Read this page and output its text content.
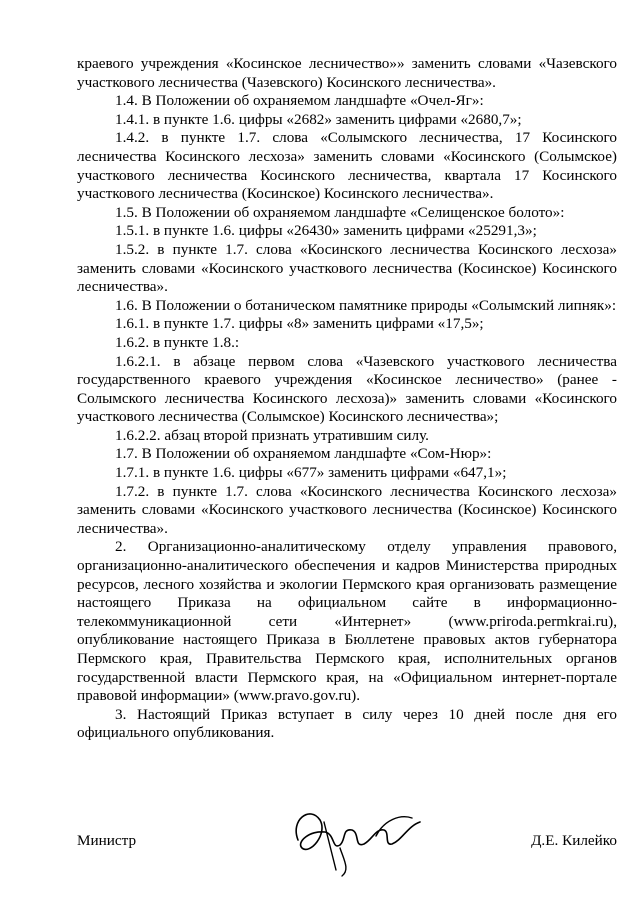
краевого учреждения «Косинское лесничество»» заменить словами «Чазевского участкового лесничества (Чазевского) Косинского лесничества».

1.4. В Положении об охраняемом ландшафте «Очел-Яг»:

1.4.1. в пункте 1.6. цифры «2682» заменить цифрами «2680,7»;

1.4.2. в пункте 1.7. слова «Солымского лесничества, 17 Косинского лесничества Косинского лесхоза» заменить словами «Косинского (Солымское) участкового лесничества Косинского лесничества, квартала 17 Косинского участкового лесничества (Косинское) Косинского лесничества».

1.5. В Положении об охраняемом ландшафте «Селищенское болото»:

1.5.1. в пункте 1.6. цифры «26430» заменить цифрами «25291,3»;

1.5.2. в пункте 1.7. слова «Косинского лесничества Косинского лесхоза» заменить словами «Косинского участкового лесничества (Косинское) Косинского лесничества».

1.6. В Положении о ботаническом памятнике природы «Солымский липняк»:

1.6.1. в пункте 1.7. цифры «8» заменить цифрами «17,5»;

1.6.2. в пункте 1.8.:

1.6.2.1. в абзаце первом слова «Чазевского участкового лесничества государственного краевого учреждения «Косинское лесничество» (ранее - Солымского лесничества Косинского лесхоза)» заменить словами «Косинского участкового лесничества (Солымское) Косинского лесничества»;

1.6.2.2. абзац второй признать утратившим силу.

1.7. В Положении об охраняемом ландшафте «Сом-Нюр»:

1.7.1. в пункте 1.6. цифры «677» заменить цифрами «647,1»;

1.7.2. в пункте 1.7. слова «Косинского лесничества Косинского лесхоза» заменить словами «Косинского участкового лесничества (Косинское) Косинского лесничества».

2. Организационно-аналитическому отделу управления правового, организационно-аналитического обеспечения и кадров Министерства природных ресурсов, лесного хозяйства и экологии Пермского края организовать размещение настоящего Приказа на официальном сайте в информационно-телекоммуникационной сети «Интернет» (www.priroda.permkrai.ru), опубликование настоящего Приказа в Бюллетене правовых актов губернатора Пермского края, Правительства Пермского края, исполнительных органов государственной власти Пермского края, на «Официальном интернет-портале правовой информации» (www.pravo.gov.ru).

3. Настоящий Приказ вступает в силу через 10 дней после дня его официального опубликования.

Министр	Д.Е. Килейко
